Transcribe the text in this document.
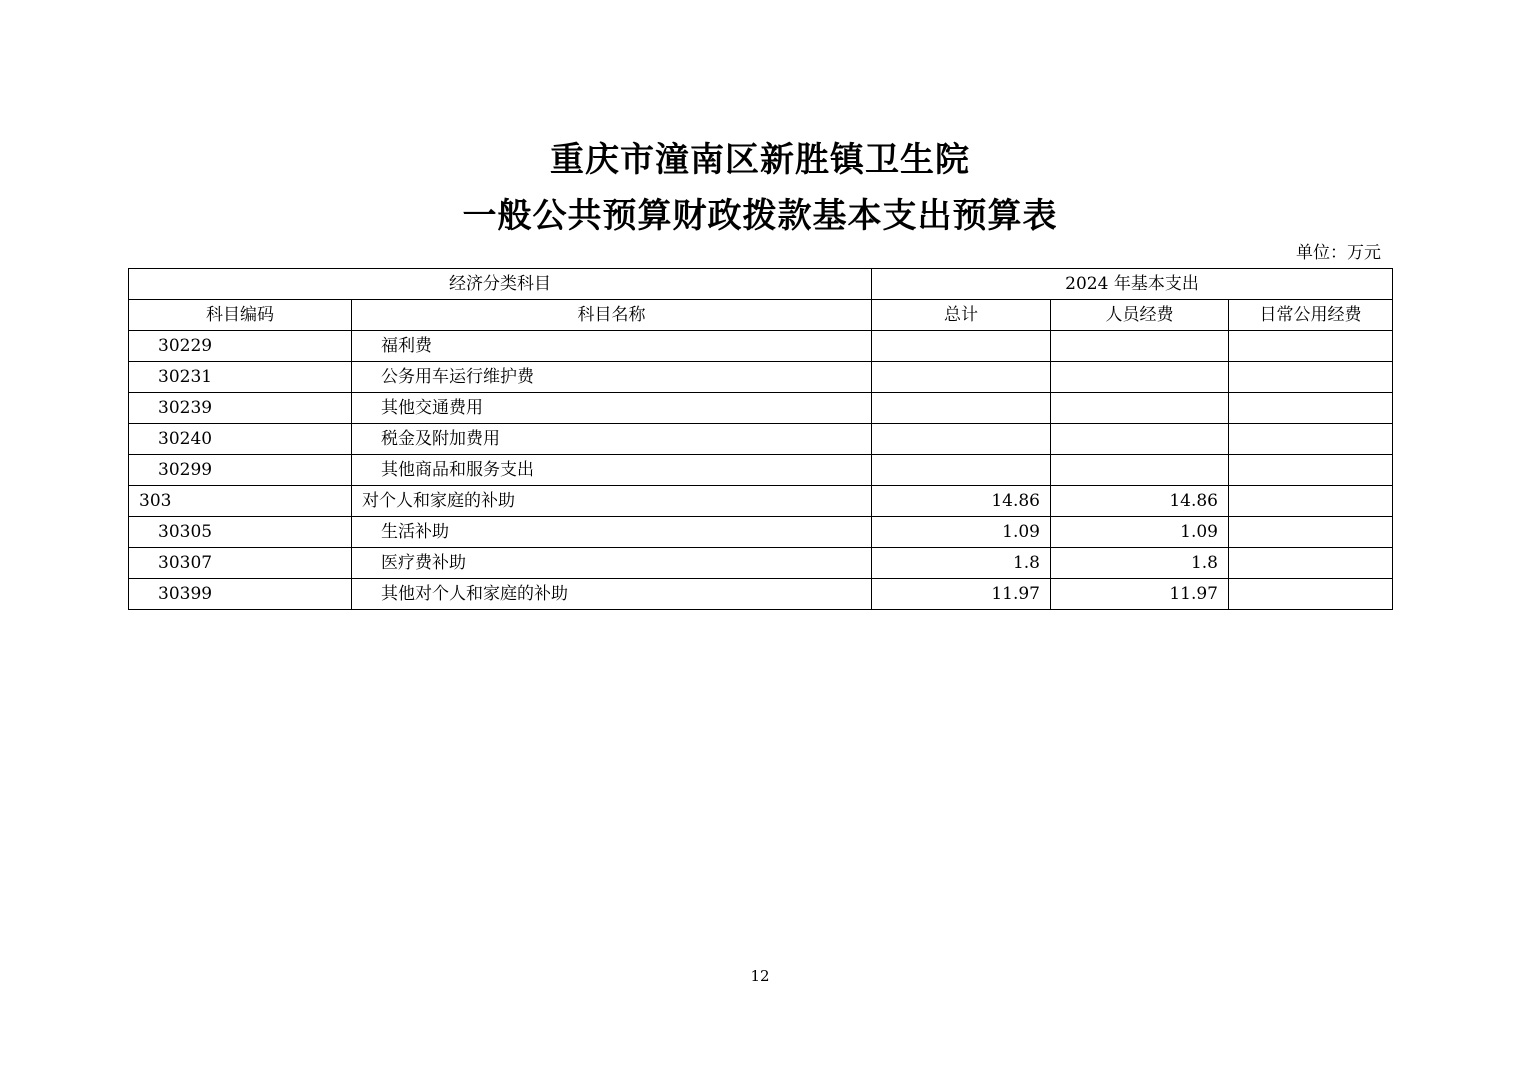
重庆市潼南区新胜镇卫生院
一般公共预算财政拨款基本支出预算表
单位：万元
经济分类科目		2024 年基本支出		
科目编码	科目名称	总计	人员经费	日常公用经费
30229	福利费			
30231	公务用车运行维护费			
30239	其他交通费用			
30240	税金及附加费用			
30299	其他商品和服务支出			
303	对个人和家庭的补助	14.86	14.86	
30305	生活补助	1.09	1.09	
30307	医疗费补助	1.8	1.8	
30399	其他对个人和家庭的补助	11.97	11.97	
12
